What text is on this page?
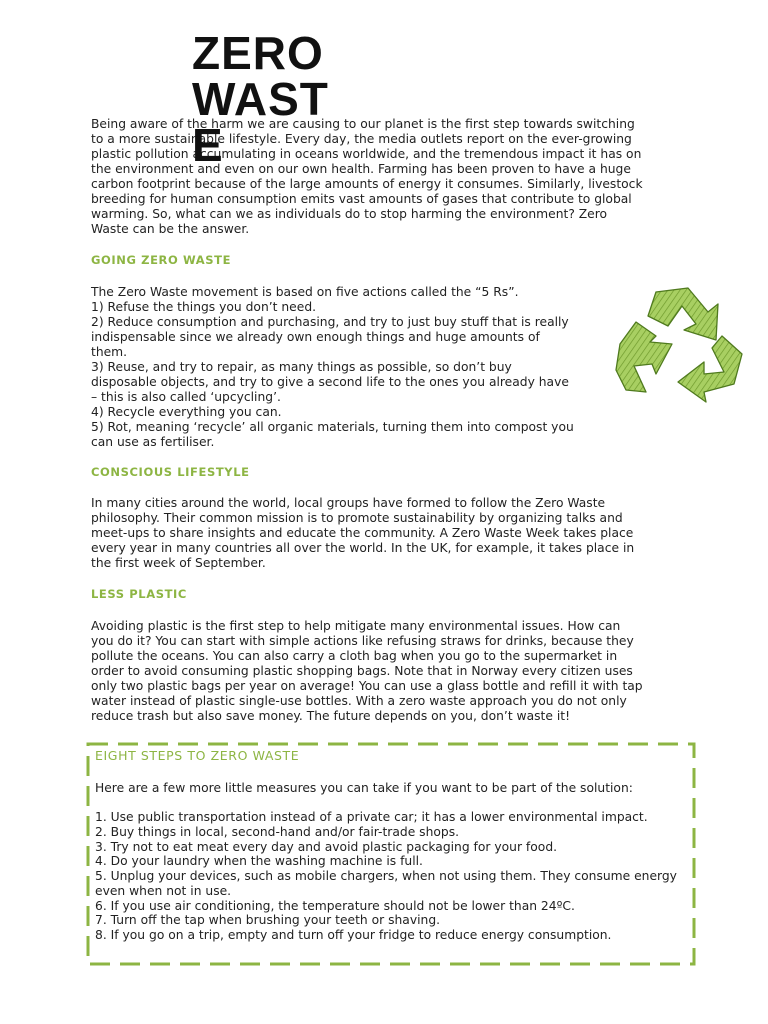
ZERO WASTE

Being aware of the harm we are causing to our planet is the first step towards switching
to a more sustainable lifestyle. Every day, the media outlets report on the ever-growing
plastic pollution accumulating in oceans worldwide, and the tremendous impact it has on
the environment and even on our own health. Farming has been proven to have a huge
carbon footprint because of the large amounts of energy it consumes. Similarly, livestock
breeding for human consumption emits vast amounts of gases that contribute to global
warming. So, what can we as individuals do to stop harming the environment? Zero
Waste can be the answer.

GOING ZERO WASTE

The Zero Waste movement is based on five actions called the “5 Rs”.
1) Refuse the things you don’t need.
2) Reduce consumption and purchasing, and try to just buy stuff that is really
indispensable since we already own enough things and huge amounts of
them.
3) Reuse, and try to repair, as many things as possible, so don’t buy
disposable objects, and try to give a second life to the ones you already have
– this is also called ‘upcycling’.
4) Recycle everything you can.
5) Rot, meaning ‘recycle’ all organic materials, turning them into compost you
can use as fertiliser.

CONSCIOUS LIFESTYLE

In many cities around the world, local groups have formed to follow the Zero Waste
philosophy. Their common mission is to promote sustainability by organizing talks and
meet-ups to share insights and educate the community. A Zero Waste Week takes place
every year in many countries all over the world. In the UK, for example, it takes place in
the first week of September.

LESS PLASTIC

Avoiding plastic is the first step to help mitigate many environmental issues. How can
you do it? You can start with simple actions like refusing straws for drinks, because they
pollute the oceans. You can also carry a cloth bag when you go to the supermarket in
order to avoid consuming plastic shopping bags. Note that in Norway every citizen uses
only two plastic bags per year on average! You can use a glass bottle and refill it with tap
water instead of plastic single-use bottles. With a zero waste approach you do not only
reduce trash but also save money. The future depends on you, don’t waste it!

EIGHT STEPS TO ZERO WASTE
Here are a few more little measures you can take if you want to be part of the solution:
1. Use public transportation instead of a private car; it has a lower environmental impact.
2. Buy things in local, second-hand and/or fair-trade shops.
3. Try not to eat meat every day and avoid plastic packaging for your food.
4. Do your laundry when the washing machine is full.
5. Unplug your devices, such as mobile chargers, when not using them. They consume energy even when not in use.
6. If you use air conditioning, the temperature should not be lower than 24ºC.
7. Turn off the tap when brushing your teeth or shaving.
8. If you go on a trip, empty and turn off your fridge to reduce energy consumption.
